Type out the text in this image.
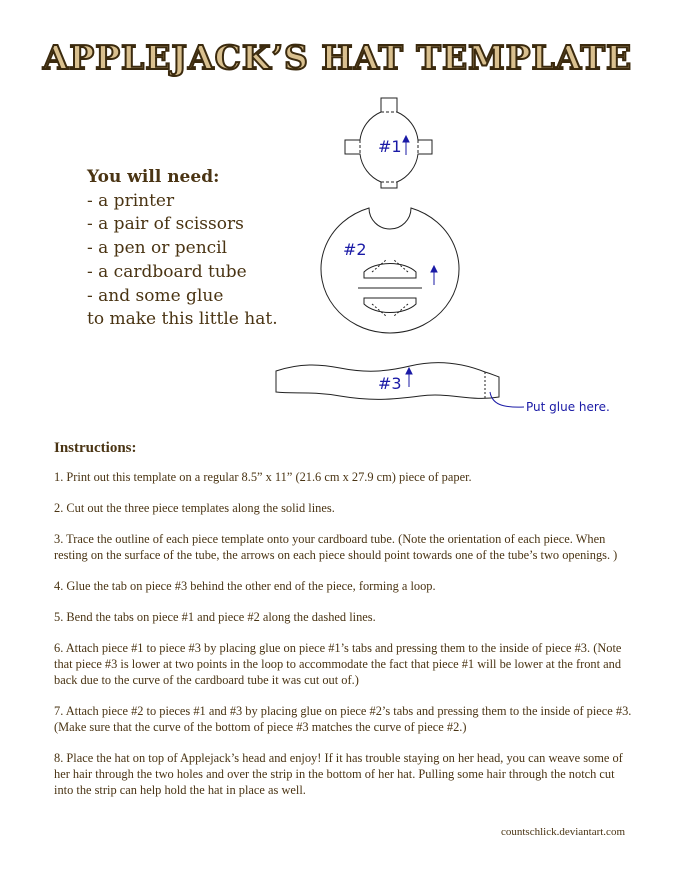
APPLEJACK’S HAT TEMPLATE
You will need:
- a printer
- a pair of scissors
- a pen or pencil
- a cardboard tube
- and some glue
to make this little hat.
#1
#2
#3
Put glue here.
Instructions:

1. Print out this template on a regular 8.5” x 11” (21.6 cm x 27.9 cm) piece of paper.

2. Cut out the three piece templates along the solid lines.

3. Trace the outline of each piece template onto your cardboard tube. (Note the orientation of each piece. When resting on the surface of the tube, the arrows on each piece should point towards one of the tube’s two openings. )

4. Glue the tab on piece #3 behind the other end of the piece, forming a loop.

5. Bend the tabs on piece #1 and piece #2 along the dashed lines.

6. Attach piece #1 to piece #3 by placing glue on piece #1’s tabs and pressing them to the inside of piece #3. (Note that piece #3 is lower at two points in the loop to accommodate the fact that piece #1 will be lower at the front and back due to the curve of the cardboard tube it was cut out of.)

7. Attach piece #2 to pieces #1 and #3 by placing glue on piece #2’s tabs and pressing them to the inside of piece #3. (Make sure that the curve of the bottom of piece #3 matches the curve of piece #2.)

8. Place the hat on top of Applejack’s head and enjoy! If it has trouble staying on her head, you can weave some of her hair through the two holes and over the strip in the bottom of her hat. Pulling some hair through the notch cut into the strip can help hold the hat in place as well.

countschlick.deviantart.com
